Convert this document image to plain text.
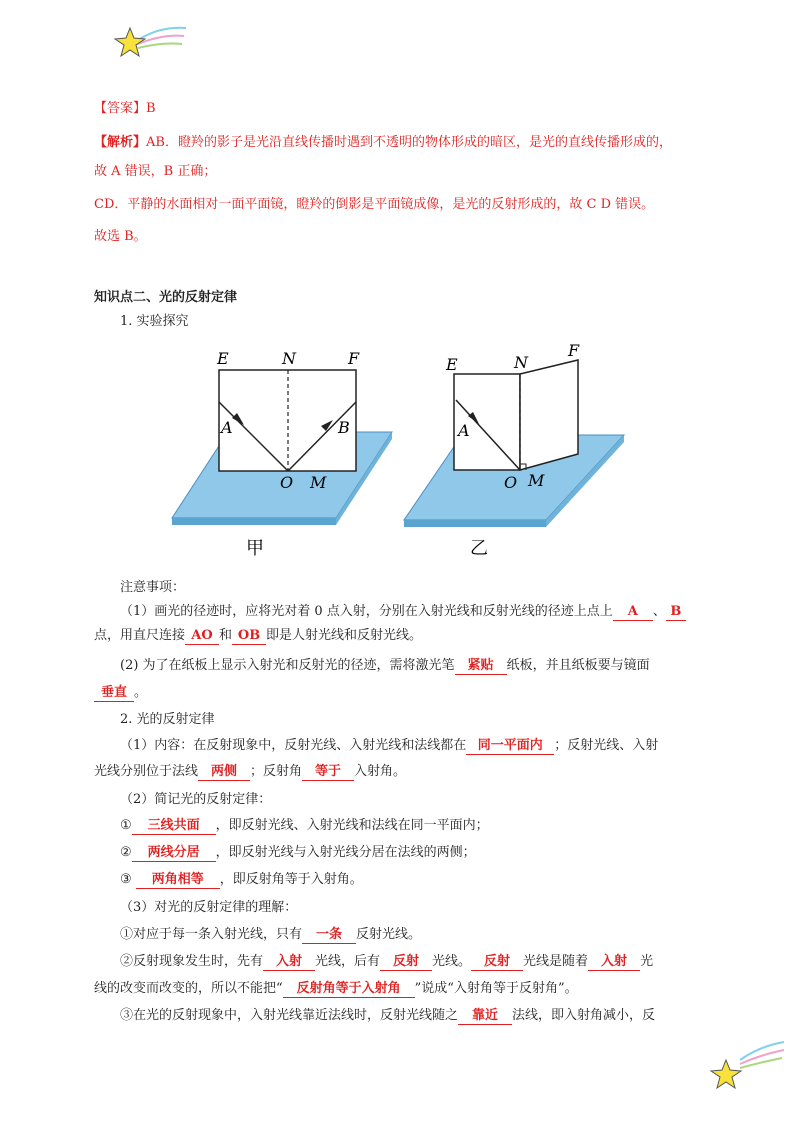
【答案】B
【解析】AB．瞪羚的影子是光沿直线传播时遇到不透明的物体形成的暗区，是光的直线传播形成的，
故 A 错误，B 正确；
CD．平静的水面相对一面平面镜，瞪羚的倒影是平面镜成像，是光的反射形成的，故 C D 错误。
故选 B。
知识点二、光的反射定律
1. 实验探究
E	N	F
A	B
O M
甲
E	N
F
A
O M
乙
注意事项：
（1）画光的径迹时，应将光对着 0 点入射，分别在入射光线和反射光线的径迹上点上 A 、 B
点，用直尺连接 AO 和 OB 即是人射光线和反射光线。
(2) 为了在纸板上显示入射光和反射光的径迹，需将激光笔 紧贴 纸板，并且纸板要与镜面
垂直 。
2. 光的反射定律
（1）内容：在反射现象中，反射光线、入射光线和法线都在 同一平面内 ；反射光线、入射
光线分别位于法线 两侧 ；反射角 等于 入射角。
（2）简记光的反射定律：
① 三线共面 ，即反射光线、入射光线和法线在同一平面内；
② 两线分居 ，即反射光线与入射光线分居在法线的两侧；
③ 两角相等 ，即反射角等于入射角。
（3）对光的反射定律的理解：
①对应于每一条入射光线，只有 一条 反射光线。
②反射现象发生时，先有 入射 光线，后有 反射 光线。 反射 光线是随着 入射 光
线的改变而改变的，所以不能把“ 反射角等于入射角 ”说成“入射角等于反射角”。
③在光的反射现象中，入射光线靠近法线时，反射光线随之 靠近 法线，即入射角减小，反
